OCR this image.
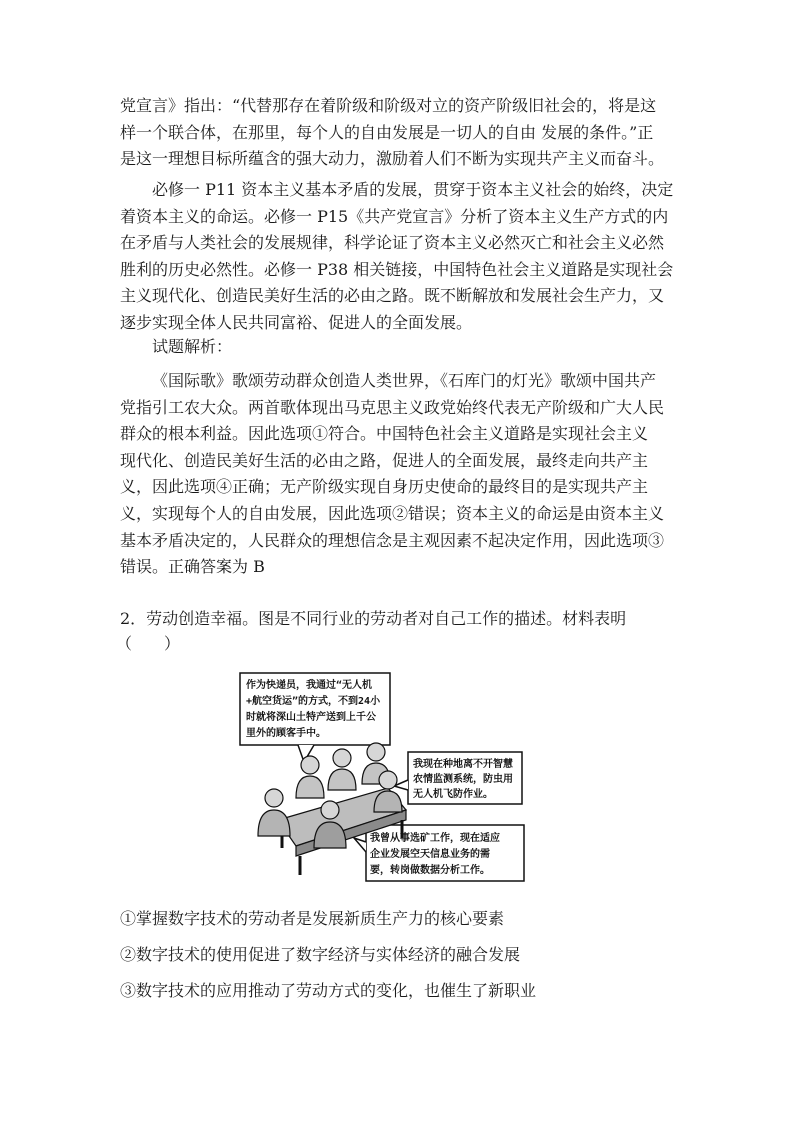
党宣言》指出：“代替那存在着阶级和阶级对立的资产阶级旧社会的，将是这
样一个联合体，在那里，每个人的自由发展是一切人的自由 发展的条件。”正
是这一理想目标所蕴含的强大动力，激励着人们不断为实现共产主义而奋斗。
必修一 P11 资本主义基本矛盾的发展，贯穿于资本主义社会的始终，决定
着资本主义的命运。必修一 P15《共产党宣言》分析了资本主义生产方式的内
在矛盾与人类社会的发展规律，科学论证了资本主义必然灭亡和社会主义必然
胜利的历史必然性。必修一 P38 相关链接，中国特色社会主义道路是实现社会
主义现代化、创造民美好生活的必由之路。既不断解放和发展社会生产力，又
逐步实现全体人民共同富裕、促进人的全面发展。

试题解析：

《国际歌》歌颂劳动群众创造人类世界，《石库门的灯光》歌颂中国共产
党指引工农大众。两首歌体现出马克思主义政党始终代表无产阶级和广大人民
群众的根本利益。因此选项①符合。中国特色社会主义道路是实现社会主义
现代化、创造民美好生活的必由之路，促进人的全面发展，最终走向共产主
义，因此选项④正确；无产阶级实现自身历史使命的最终目的是实现共产主
义，实现每个人的自由发展，因此选项②错误；资本主义的命运是由资本主义
基本矛盾决定的，人民群众的理想信念是主观因素不起决定作用，因此选项③
错误。正确答案为 B

2．劳动创造幸福。图是不同行业的劳动者对自己工作的描述。材料表明

（　　）

作为快递员，我通过“无人机
+航空货运”的方式，不到24小
时就将深山土特产送到上千公
里外的顾客手中。
我现在种地离不开智慧
农情监测系统，防虫用
无人机飞防作业。
我曾从事选矿工作，现在适应
企业发展空天信息业务的需
要，转岗做数据分析工作。

①掌握数字技术的劳动者是发展新质生产力的核心要素

②数字技术的使用促进了数字经济与实体经济的融合发展

③数字技术的应用推动了劳动方式的变化，也催生了新职业
